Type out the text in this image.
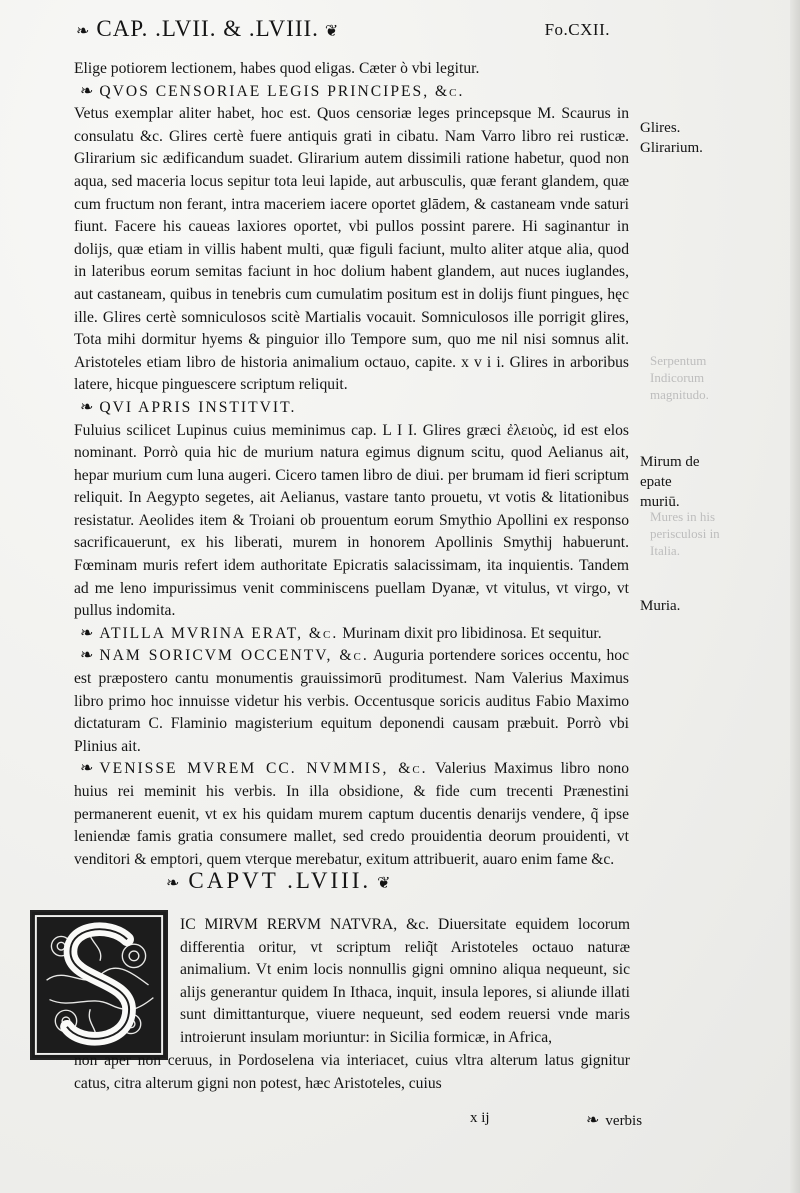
❧ CAP. .LVII. & .LVIII. ❦	Fo.CXII.

Elige potiorem lectionem, habes quod eligas. Cæter ò vbi legitur.

❧ QVOS CENSORIAE LEGIS PRINCIPES, &c.

Vetus exemplar aliter habet, hoc est. Quos censoriæ leges princepsque M. Scaurus in consulatu &c. Glires certè fuere antiquis grati in cibatu. Nam Varro libro rei rusticæ. Glirarium sic ædificandum suadet. Glirarium autem dissimili ratione habetur, quod non aqua, sed maceria locus sepitur tota leui lapide, aut arbusculis, quæ ferant glandem, quæ cum fructum non ferant, intra maceriem iacere oportet glādem, & castaneam vnde saturi fiunt. Facere his caueas laxiores oportet, vbi pullos possint parere. Hi saginantur in dolijs, quæ etiam in villis habent multi, quæ figuli faciunt, multo aliter atque alia, quod in lateribus eorum semitas faciunt in hoc dolium habent glandem, aut nuces iuglandes, aut castaneam, quibus in tenebris cum cumulatim positum est in dolijs fiunt pingues, hęc ille. Glires certè somniculosos scitè Martialis vocauit. Somniculosos ille porrigit glires, Tota mihi dormitur hyems & pinguior illo Tempore sum, quo me nil nisi somnus alit. Aristoteles etiam libro de historia animalium octauo, capite. x v i i. Glires in arboribus latere, hicque pinguescere scriptum reliquit.

❧ QVI APRIS INSTITVIT.

Fuluius scilicet Lupinus cuius meminimus cap. L I I. Glires græci ἐλειοὺς, id est elos nominant. Porrò quia hic de murium natura egimus dignum scitu, quod Aelianus ait, hepar murium cum luna augeri. Cicero tamen libro de diui. per brumam id fieri scriptum reliquit. In Aegypto segetes, ait Aelianus, vastare tanto prouetu, vt votis & litationibus resistatur. Aeolides item & Troiani ob prouentum eorum Smythio Apollini ex responso sacrificauerunt, ex his liberati, murem in honorem Apollinis Smythij habuerunt. Fœminam muris refert idem authoritate Epicratis salacissimam, ita inquientis. Tandem ad me leno impurissimus venit comminiscens puellam Dyanæ, vt vitulus, vt virgo, vt pullus indomita.

❧ ATILLA MVRINA ERAT, &c. Murinam dixit pro libidinosa. Et sequitur.

❧ NAM SORICVM OCCENTV, &c. Auguria portendere sorices occentu, hoc est præpostero cantu monumentis grauissimorū proditumest. Nam Valerius Maximus libro primo hoc innuisse videtur his verbis. Occentusque soricis auditus Fabio Maximo dictaturam C. Flaminio magisterium equitum deponendi causam præbuit. Porrò vbi Plinius ait.

❧ VENISSE MVREM CC. NVMMIS, &c. Valerius Maximus libro nono huius rei meminit his verbis. In illa obsidione, & fide cum trecenti Prænestini permanerent euenit, vt ex his quidam murem captum ducentis denarijs vendere, q̃ ipse leniendæ famis gratia consumere mallet, sed credo prouidentia deorum prouidenti, vt venditori & emptori, quem vterque merebatur, exitum attribuerit, auaro enim fame &c.

Glires. Glirarium.
Serpentum Indicorum magnitudo.
Mirum de epate muriū.
Mures in his perisculosi in Italia.
Muria.
❧ CAPVT .LVIII. ❦
IC MIRVM RERVM NATVRA, &c. Diuersitate equidem locorum differentia oritur, vt scriptum reliq̃t Aristoteles octauo naturæ animalium. Vt enim locis nonnullis gigni omnino aliqua nequeunt, sic alijs generantur quidem In Ithaca, inquit, insula lepores, si aliunde illati sunt dimittanturque, viuere nequeunt, sed eodem reuersi vnde maris introierunt insulam moriuntur: in Sicilia formicæ, in Africa,
non aper non ceruus, in Pordoselena via interiacet, cuius vltra alterum latus gignitur catus, citra alterum gigni non potest, hæc Aristoteles, cuius
x ij	❧ verbis
